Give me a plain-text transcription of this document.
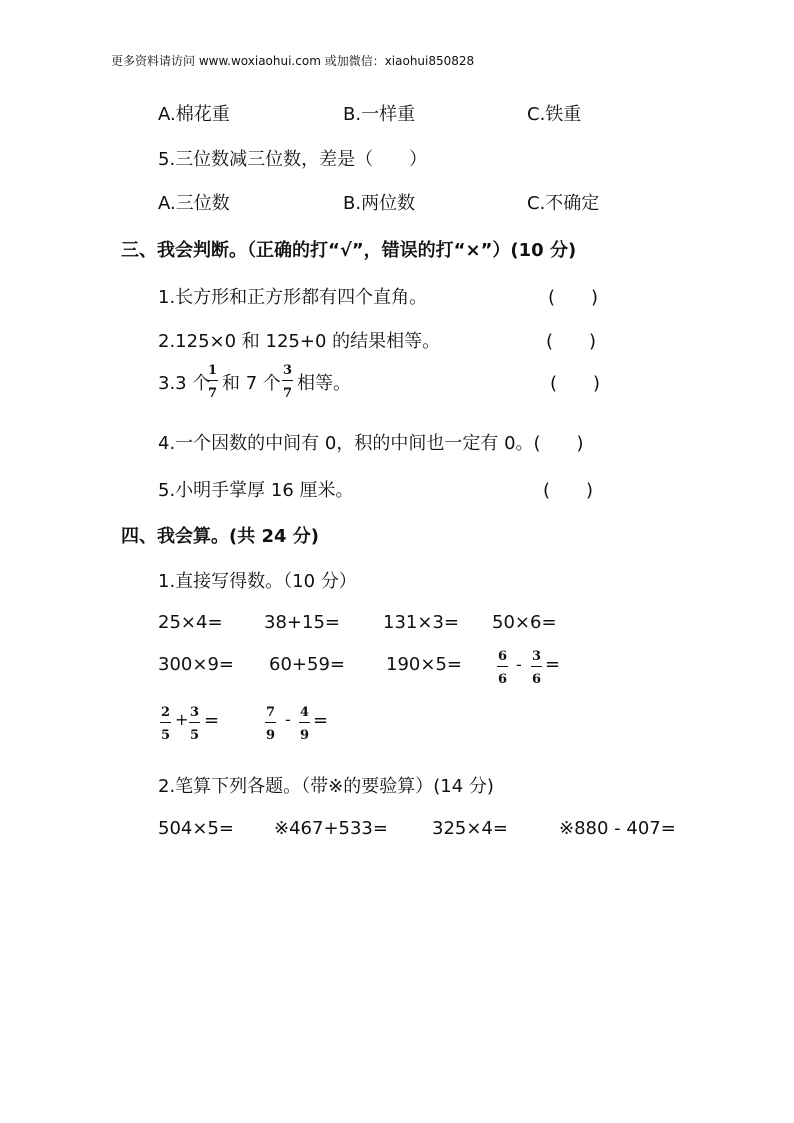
更多资料请访问 www.woxiaohui.com 或加微信：xiaohui850828
A.棉花重	B.一样重	C.铁重
5.三位数减三位数，差是（　　）
A.三位数	B.两位数	C.不确定
三、我会判断。（正确的打“√”，错误的打“×”）(10 分)
1.长方形和正方形都有四个直角。	(　　)
2.125×0 和 125+0 的结果相等。	(　　)
3.3 个
$\frac{1}{7}$ 和 7 个 $\frac{3}{7}$ 相等。	(　　)
4.一个因数的中间有 0，积的中间也一定有 0。(　　)
5.小明手掌厚 16 厘米。	(　　)
四、我会算。(共 24 分)
1.直接写得数。（10 分）
25×4= 38+15= 131×3= 50×6=
300×9= 60+59= 190×5=	$\frac{6}{6} - \frac{3}{6}$ =
$\frac{2}{5} + \frac{3}{5}$ =	$\frac{7}{9} - \frac{4}{9}$ =
2.笔算下列各题。（带※的要验算）(14 分)
504×5= ※467+533= 325×4=	※880 - 407=
